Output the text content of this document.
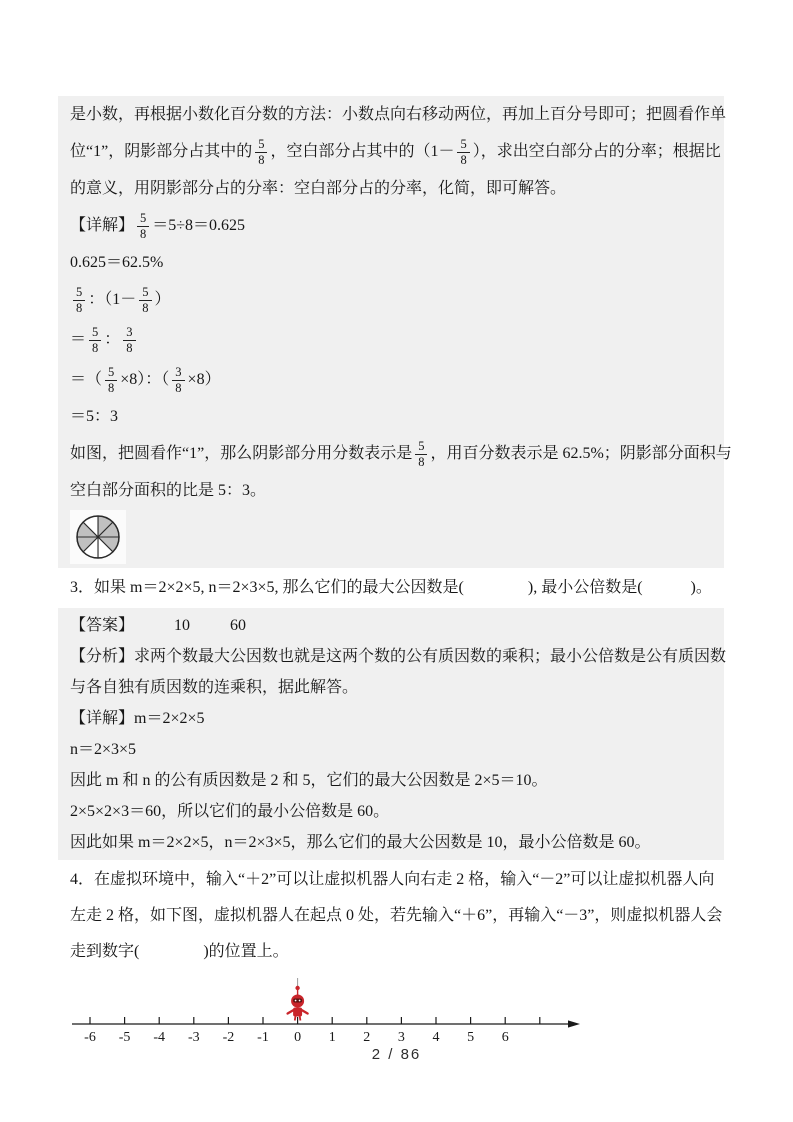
是小数，再根据小数化百分数的方法：小数点向右移动两位，再加上百分号即可；把圆看作单
位“1”，阴影部分占其中的 $\frac{5}{8}$ ，空白部分占其中的（$1- \frac{5}{8}$ ），求出空白部分占的分率；根据比
的意义，用阴影部分占的分率：空白部分占的分率，化简，即可解答。
【详解】 $\frac{5}{8} =5\div 8=0.625$
0.625＝62.5%
$\frac{5}{8}$ ：（$1- \frac{5}{8}$ ）
＝ $\frac{5}{8}$ ： $\frac{3}{8}$
＝（ $\frac{5}{8} \times 8$）：（ $\frac{3}{8} \times 8$）
＝5：3
如图，把圆看作“1”，那么阴影部分用分数表示是 $\frac{5}{8}$ ，用百分数表示是 62.5%；阴影部分面积与
空白部分面积的比是 5：3。
3．如果 m＝2×2×5, n＝2×3×5, 那么它们的最大公因数是(　　　　), 最小公倍数是(　　　)。
【答案】	10	60
【分析】求两个数最大公因数也就是这两个数的公有质因数的乘积；最小公倍数是公有质因数
与各自独有质因数的连乘积，据此解答。
【详解】m＝2×2×5
n＝2×3×5
因此 m 和 n 的公有质因数是 2 和 5，它们的最大公因数是 2×5＝10。
2×5×2×3＝60，所以它们的最小公倍数是 60。
因此如果 m＝2×2×5，n＝2×3×5，那么它们的最大公因数是 10，最小公倍数是 60。
4．在虚拟环境中，输入“＋2”可以让虚拟机器人向右走 2 格，输入“－2”可以让虚拟机器人向
左走 2 格，如下图，虚拟机器人在起点 0 处，若先输入“＋6”，再输入“－3”，则虚拟机器人会
走到数字(　　　　)的位置上。
-6 -5 -4 -3 -2 -1 0 1 2 3 4 5 6
2 / 86
